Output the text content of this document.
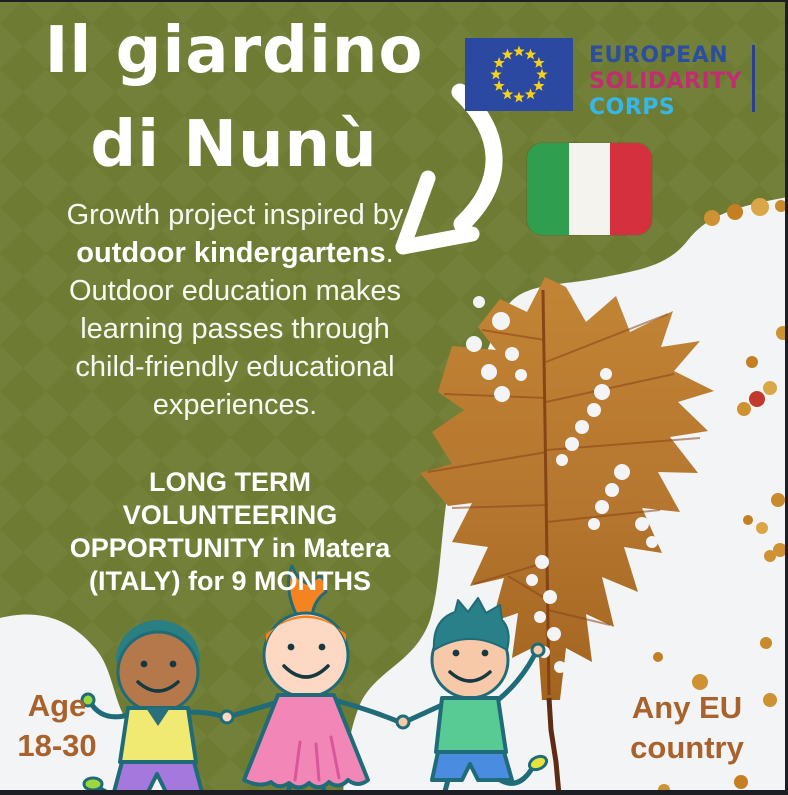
EUROPEAN
SOLIDARITY
CORPS
Il giardino
di Nunù
Growth project inspired by
outdoor kindergartens.
Outdoor education makes
learning passes through
child-friendly educational
experiences.
LONG TERM
VOLUNTEERING
OPPORTUNITY in Matera
(ITALY) for 9 MONTHS
Age
18-30
Any EU
country
